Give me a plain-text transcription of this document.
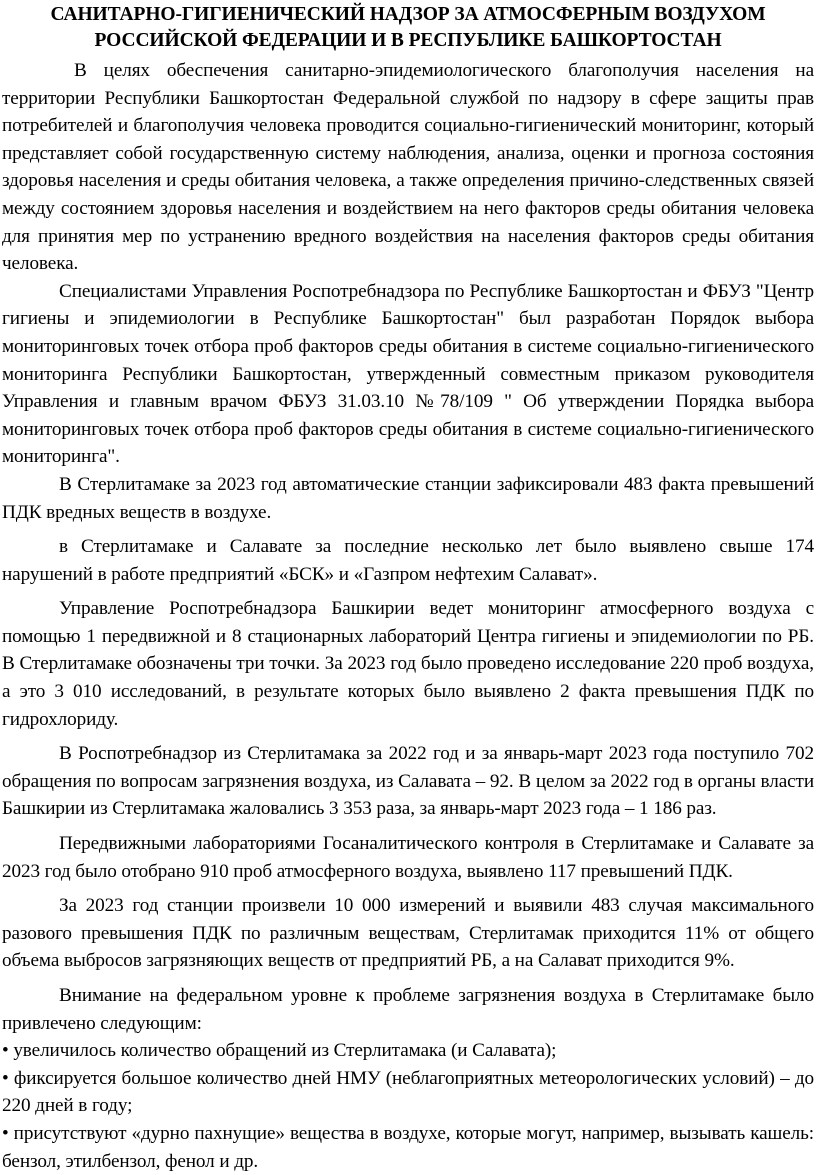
САНИТАРНО-ГИГИЕНИЧЕСКИЙ НАДЗОР ЗА АТМОСФЕРНЫМ ВОЗДУХОМ
РОССИЙСКОЙ ФЕДЕРАЦИИ И В РЕСПУБЛИКЕ БАШКОРТОСТАН

В целях обеспечения санитарно-эпидемиологического благополучия населения на территории Республики Башкортостан Федеральной службой по надзору в сфере защиты прав потребителей и благополучия человека проводится социально-гигиенический мониторинг, который представляет собой государственную систему наблюдения, анализа, оценки и прогноза состояния здоровья населения и среды обитания человека, а также определения причино-следственных связей между состоянием здоровья населения и воздействием на него факторов среды обитания человека для принятия мер по устранению вредного воздействия на населения факторов среды обитания человека.

Специалистами Управления Роспотребнадзора по Республике Башкортостан и ФБУЗ "Центр гигиены и эпидемиологии в Республике Башкортостан" был разработан Порядок выбора мониторинговых точек отбора проб факторов среды обитания в системе социально-гигиенического мониторинга Республики Башкортостан, утвержденный совместным приказом руководителя Управления и главным врачом ФБУЗ 31.03.10 №78/109 " Об утверждении Порядка выбора мониторинговых точек отбора проб факторов среды обитания в системе социально-гигиенического мониторинга".

В Стерлитамаке за 2023 год автоматические станции зафиксировали 483 факта превышений ПДК вредных веществ в воздухе.

в Стерлитамаке и Салавате за последние несколько лет было выявлено свыше 174 нарушений в работе предприятий «БСК» и «Газпром нефтехим Салават».

Управление Роспотребнадзора Башкирии ведет мониторинг атмосферного воздуха с помощью 1 передвижной и 8 стационарных лабораторий Центра гигиены и эпидемиологии по РБ. В Стерлитамаке обозначены три точки. За 2023 год было проведено исследование 220 проб воздуха, а это 3 010 исследований, в результате которых было выявлено 2 факта превышения ПДК по гидрохлориду.

В Роспотребнадзор из Стерлитамака за 2022 год и за январь-март 2023 года поступило 702 обращения по вопросам загрязнения воздуха, из Салавата – 92. В целом за 2022 год в органы власти Башкирии из Стерлитамака жаловались 3 353 раза, за январь-март 2023 года – 1 186 раз.

Передвижными лабораториями Госаналитического контроля в Стерлитамаке и Салавате за 2023 год было отобрано 910 проб атмосферного воздуха, выявлено 117 превышений ПДК.

За 2023 год станции произвели 10 000 измерений и выявили 483 случая максимального разового превышения ПДК по различным веществам, Стерлитамак приходится 11% от общего объема выбросов загрязняющих веществ от предприятий РБ, а на Салават приходится 9%.

Внимание на федеральном уровне к проблеме загрязнения воздуха в Стерлитамаке было привлечено следующим:

• увеличилось количество обращений из Стерлитамака (и Салавата);

• фиксируется большое количество дней НМУ (неблагоприятных метеорологических условий) – до 220 дней в году;

• присутствуют «дурно пахнущие» вещества в воздухе, которые могут, например, вызывать кашель: бензол, этилбензол, фенол и др.
